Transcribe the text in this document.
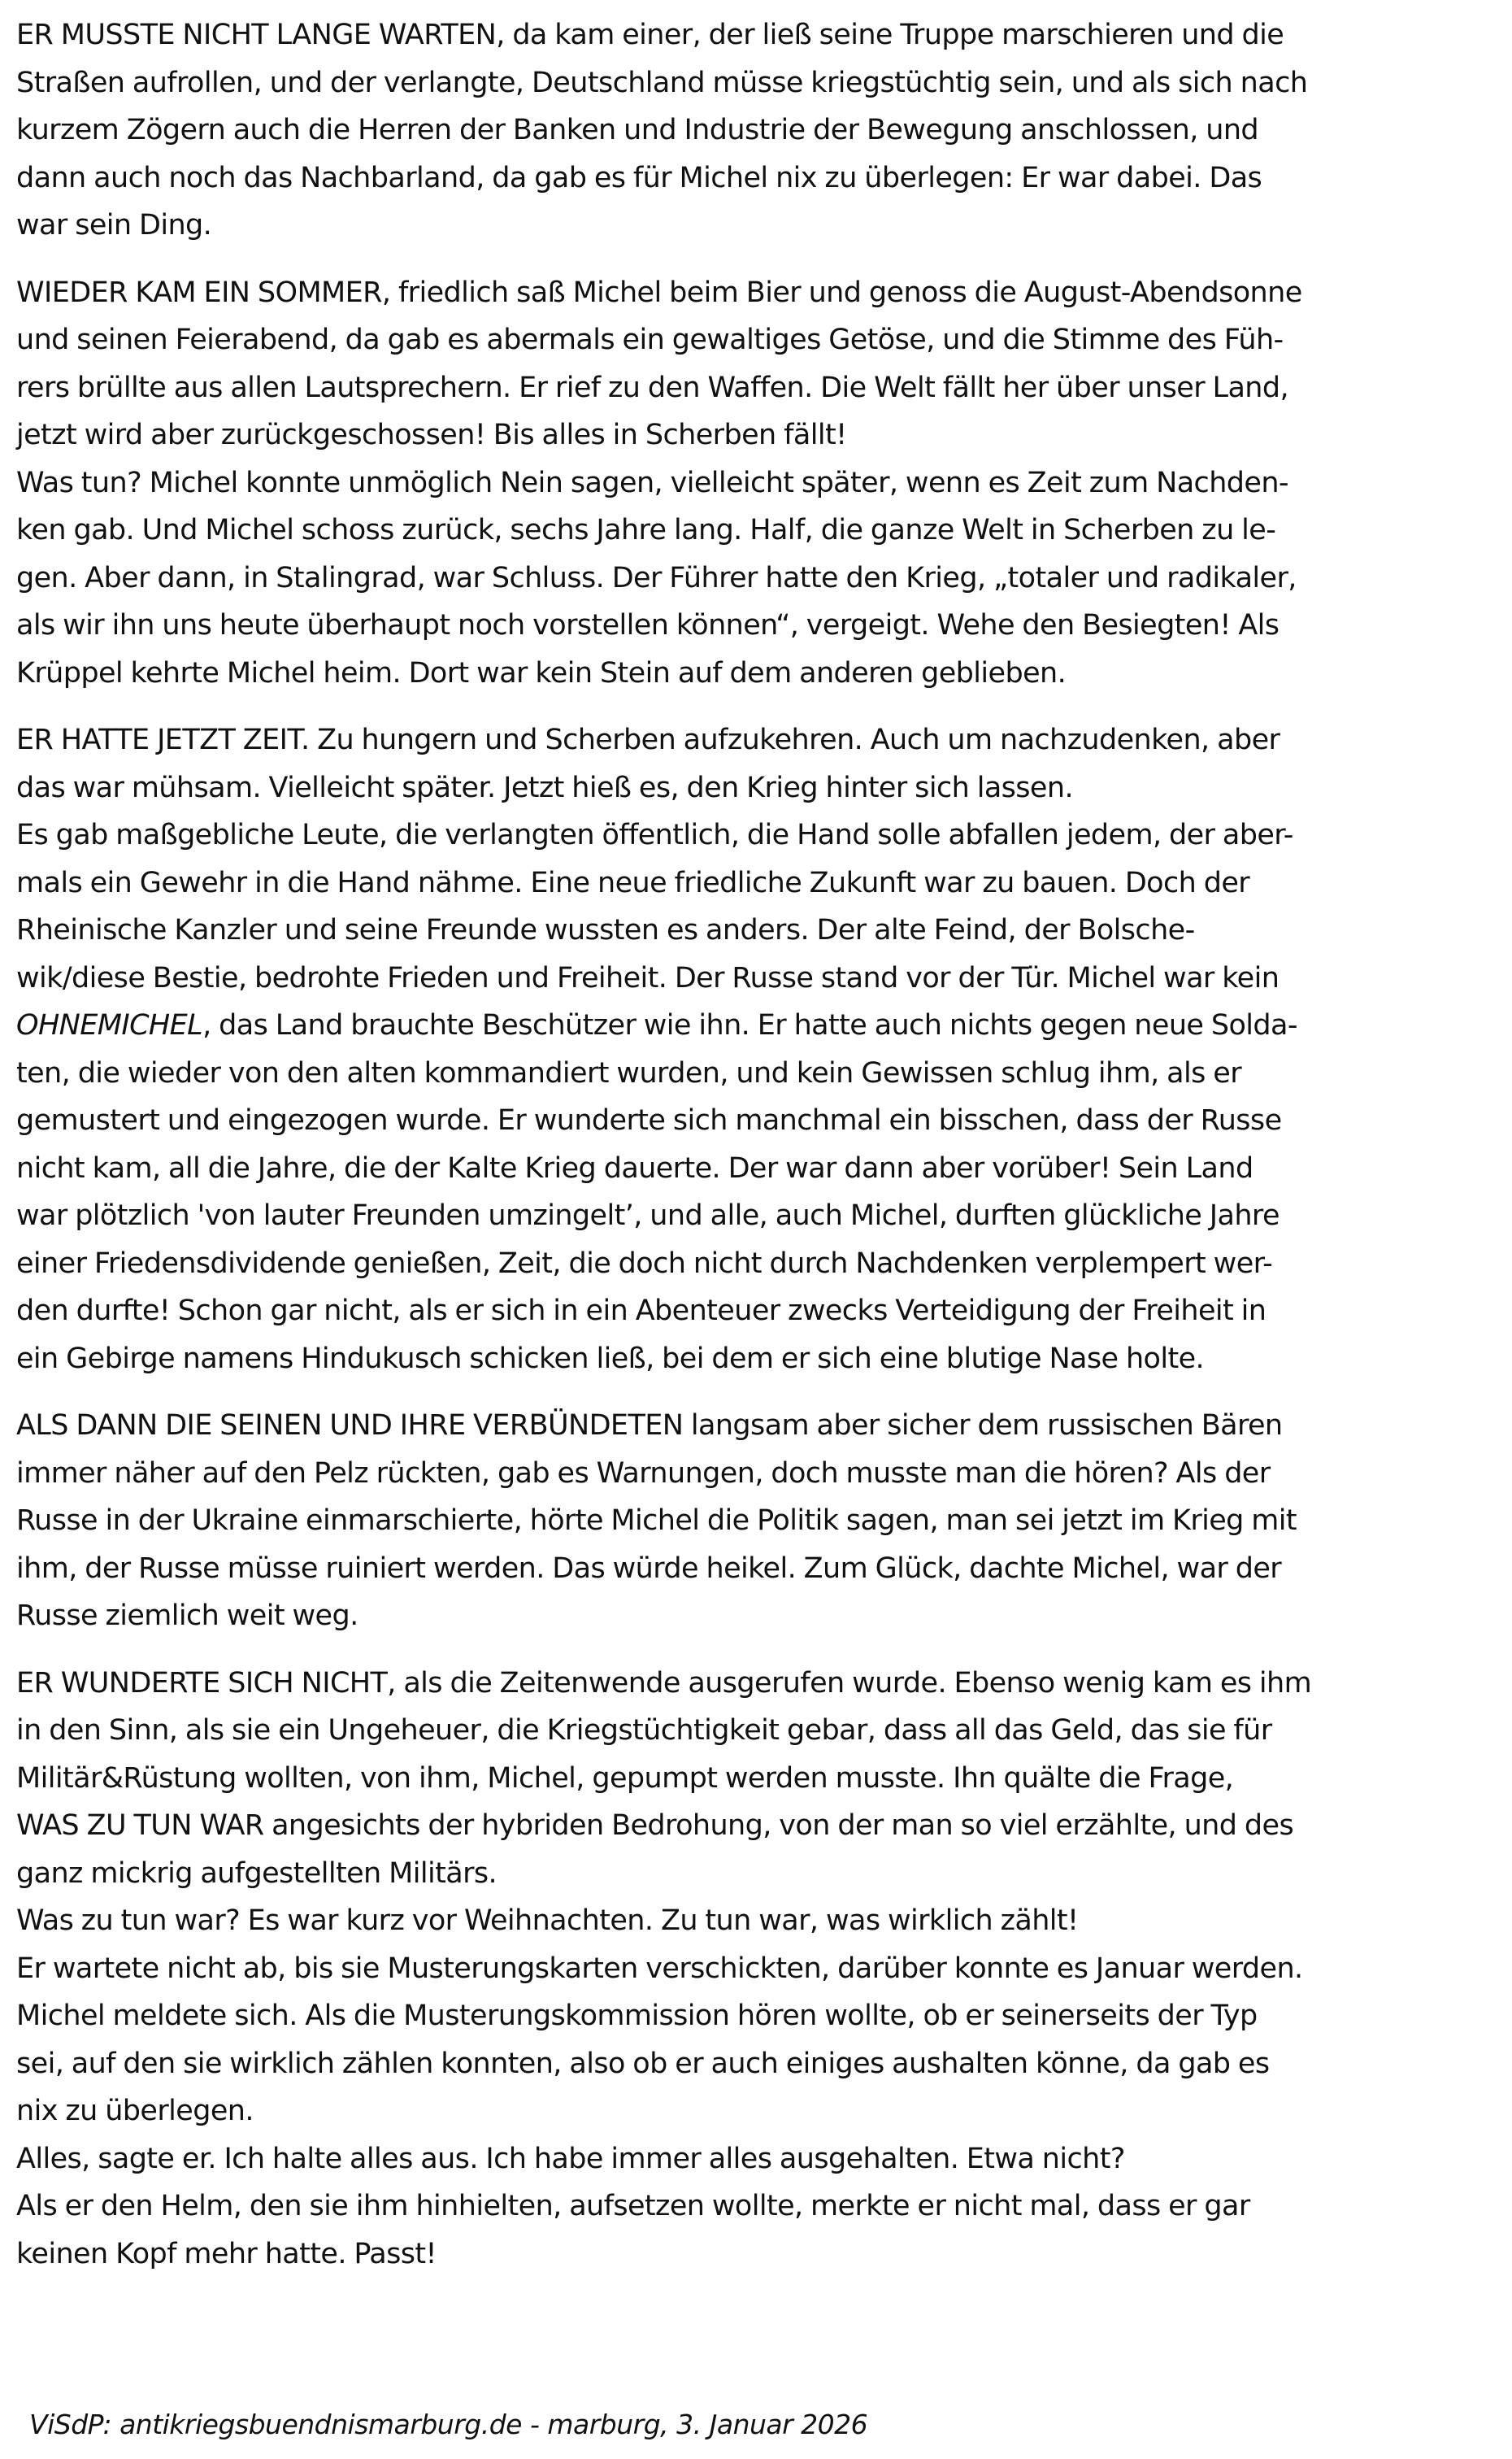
ER MUSSTE NICHT LANGE WARTEN, da kam einer, der ließ seine Truppe marschieren und die
Straßen aufrollen, und der verlangte, Deutschland müsse kriegstüchtig sein, und als sich nach
kurzem Zögern auch die Herren der Banken und Industrie der Bewegung anschlossen, und
dann auch noch das Nachbarland, da gab es für Michel nix zu überlegen: Er war dabei. Das
war sein Ding.

WIEDER KAM EIN SOMMER, friedlich saß Michel beim Bier und genoss die August-Abendsonne
und seinen Feierabend, da gab es abermals ein gewaltiges Getöse, und die Stimme des Füh-
rers brüllte aus allen Lautsprechern. Er rief zu den Waffen. Die Welt fällt her über unser Land,
jetzt wird aber zurückgeschossen! Bis alles in Scherben fällt!
Was tun? Michel konnte unmöglich Nein sagen, vielleicht später, wenn es Zeit zum Nachden-
ken gab. Und Michel schoss zurück, sechs Jahre lang. Half, die ganze Welt in Scherben zu le-
gen. Aber dann, in Stalingrad, war Schluss. Der Führer hatte den Krieg, „totaler und radikaler,
als wir ihn uns heute überhaupt noch vorstellen können“, vergeigt. Wehe den Besiegten! Als
Krüppel kehrte Michel heim. Dort war kein Stein auf dem anderen geblieben.

ER HATTE JETZT ZEIT. Zu hungern und Scherben aufzukehren. Auch um nachzudenken, aber
das war mühsam. Vielleicht später. Jetzt hieß es, den Krieg hinter sich lassen.
Es gab maßgebliche Leute, die verlangten öffentlich, die Hand solle abfallen jedem, der aber-
mals ein Gewehr in die Hand nähme. Eine neue friedliche Zukunft war zu bauen. Doch der
Rheinische Kanzler und seine Freunde wussten es anders. Der alte Feind, der Bolsche-
wik/diese Bestie, bedrohte Frieden und Freiheit. Der Russe stand vor der Tür. Michel war kein
OHNEMICHEL, das Land brauchte Beschützer wie ihn. Er hatte auch nichts gegen neue Solda-
ten, die wieder von den alten kommandiert wurden, und kein Gewissen schlug ihm, als er
gemustert und eingezogen wurde. Er wunderte sich manchmal ein bisschen, dass der Russe
nicht kam, all die Jahre, die der Kalte Krieg dauerte. Der war dann aber vorüber! Sein Land
war plötzlich 'von lauter Freunden umzingelt’, und alle, auch Michel, durften glückliche Jahre
einer Friedensdividende genießen, Zeit, die doch nicht durch Nachdenken verplempert wer-
den durfte! Schon gar nicht, als er sich in ein Abenteuer zwecks Verteidigung der Freiheit in
ein Gebirge namens Hindukusch schicken ließ, bei dem er sich eine blutige Nase holte.

ALS DANN DIE SEINEN UND IHRE VERBÜNDETEN langsam aber sicher dem russischen Bären
immer näher auf den Pelz rückten, gab es Warnungen, doch musste man die hören? Als der
Russe in der Ukraine einmarschierte, hörte Michel die Politik sagen, man sei jetzt im Krieg mit
ihm, der Russe müsse ruiniert werden. Das würde heikel. Zum Glück, dachte Michel, war der
Russe ziemlich weit weg.

ER WUNDERTE SICH NICHT, als die Zeitenwende ausgerufen wurde. Ebenso wenig kam es ihm
in den Sinn, als sie ein Ungeheuer, die Kriegstüchtigkeit gebar, dass all das Geld, das sie für
Militär&Rüstung wollten, von ihm, Michel, gepumpt werden musste. Ihn quälte die Frage,
WAS ZU TUN WAR angesichts der hybriden Bedrohung, von der man so viel erzählte, und des
ganz mickrig aufgestellten Militärs.
Was zu tun war? Es war kurz vor Weihnachten. Zu tun war, was wirklich zählt!
Er wartete nicht ab, bis sie Musterungskarten verschickten, darüber konnte es Januar werden.
Michel meldete sich. Als die Musterungskommission hören wollte, ob er seinerseits der Typ
sei, auf den sie wirklich zählen konnten, also ob er auch einiges aushalten könne, da gab es
nix zu überlegen.
Alles, sagte er. Ich halte alles aus. Ich habe immer alles ausgehalten. Etwa nicht?
Als er den Helm, den sie ihm hinhielten, aufsetzen wollte, merkte er nicht mal, dass er gar
keinen Kopf mehr hatte. Passt!

ViSdP: antikriegsbuendnismarburg.de - marburg, 3. Januar 2026
